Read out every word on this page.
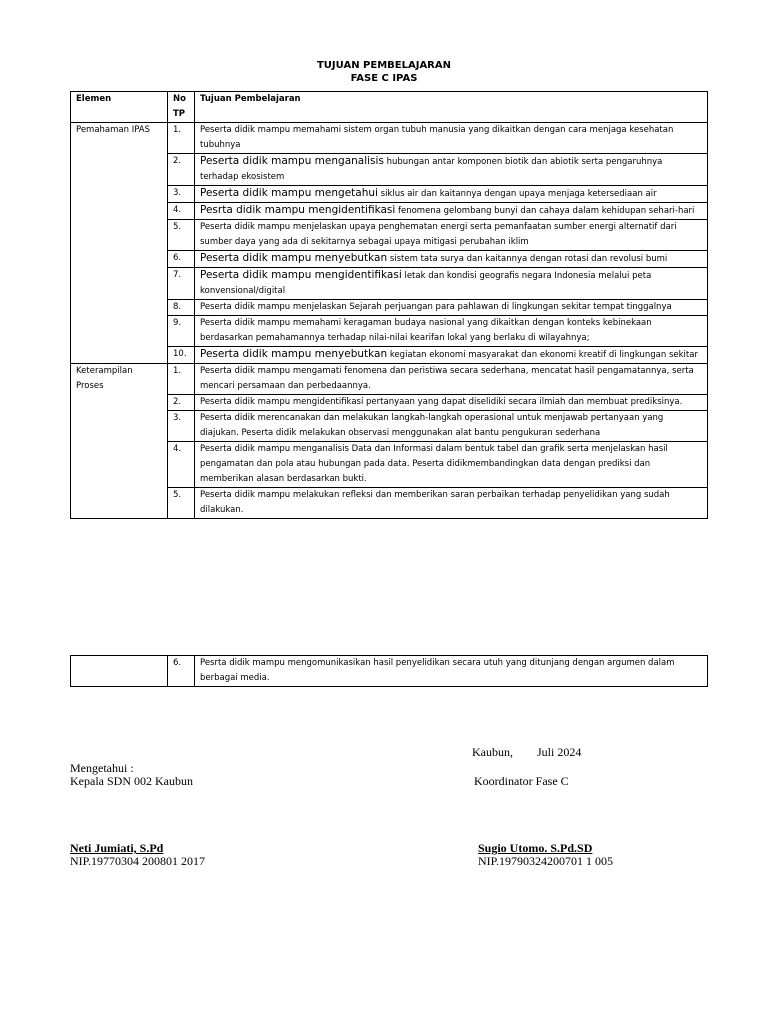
TUJUAN PEMBELAJARAN
FASE C IPAS
Elemen	No TP	Tujuan Pembelajaran
Pemahaman IPAS	1.	Peserta didik mampu memahami sistem organ tubuh manusia yang dikaitkan dengan cara menjaga kesehatan tubuhnya
	2.	Peserta didik mampu menganalisis hubungan antar komponen biotik dan abiotik serta pengaruhnya terhadap ekosistem
	3.	Peserta didik mampu mengetahui siklus air dan kaitannya dengan upaya menjaga ketersediaan air
	4.	Pesrta didik mampu mengidentifikasi fenomena gelombang bunyi dan cahaya dalam kehidupan sehari-hari
	5.	Peserta didik mampu menjelaskan upaya penghematan energi serta pemanfaatan sumber energi alternatif dari sumber daya yang ada di sekitarnya sebagai upaya mitigasi perubahan iklim
	6.	Peserta didik mampu menyebutkan sistem tata surya dan kaitannya dengan rotasi dan revolusi bumi
	7.	Peserta didik mampu mengidentifikasi letak dan kondisi geografis negara Indonesia melalui peta konvensional/digital
	8.	Peserta didik mampu menjelaskan Sejarah perjuangan para pahlawan di lingkungan sekitar tempat tinggalnya
	9.	Peserta didik mampu memahami keragaman budaya nasional yang dikaitkan dengan konteks kebinekaan berdasarkan pemahamannya terhadap nilai-nilai kearifan lokal yang berlaku di wilayahnya;
	10.	Peserta didik mampu menyebutkan kegiatan ekonomi masyarakat dan ekonomi kreatif di lingkungan sekitar
Keterampilan Proses	1.	Peserta didik mampu mengamati fenomena dan peristiwa secara sederhana, mencatat hasil pengamatannya, serta mencari persamaan dan perbedaannya.
	2.	Peserta didik mampu mengidentifikasi pertanyaan yang dapat diselidiki secara ilmiah dan membuat prediksinya.
	3.	Peserta didik merencanakan dan melakukan langkah-langkah operasional untuk menjawab pertanyaan yang diajukan. Peserta didik melakukan observasi menggunakan alat bantu pengukuran sederhana
	4.	Peserta didik mampu menganalisis Data dan Informasi dalam bentuk tabel dan grafik serta menjelaskan hasil pengamatan dan pola atau hubungan pada data. Peserta didikmembandingkan data dengan prediksi dan memberikan alasan berdasarkan bukti.
	5.	Peserta didik mampu melakukan refleksi dan memberikan saran perbaikan terhadap penyelidikan yang sudah dilakukan.
	6.	Pesrta didik mampu mengomunikasikan hasil penyelidikan secara utuh yang ditunjang dengan argumen dalam berbagai media.
Kaubun,        Juli 2024
Mengetahui :
Kepala SDN 002 Kaubun	Koordinator Fase C
Neti Jumiati, S.Pd
NIP.19770304 200801 2017
Sugio Utomo. S.Pd.SD
NIP.19790324200701 1 005
